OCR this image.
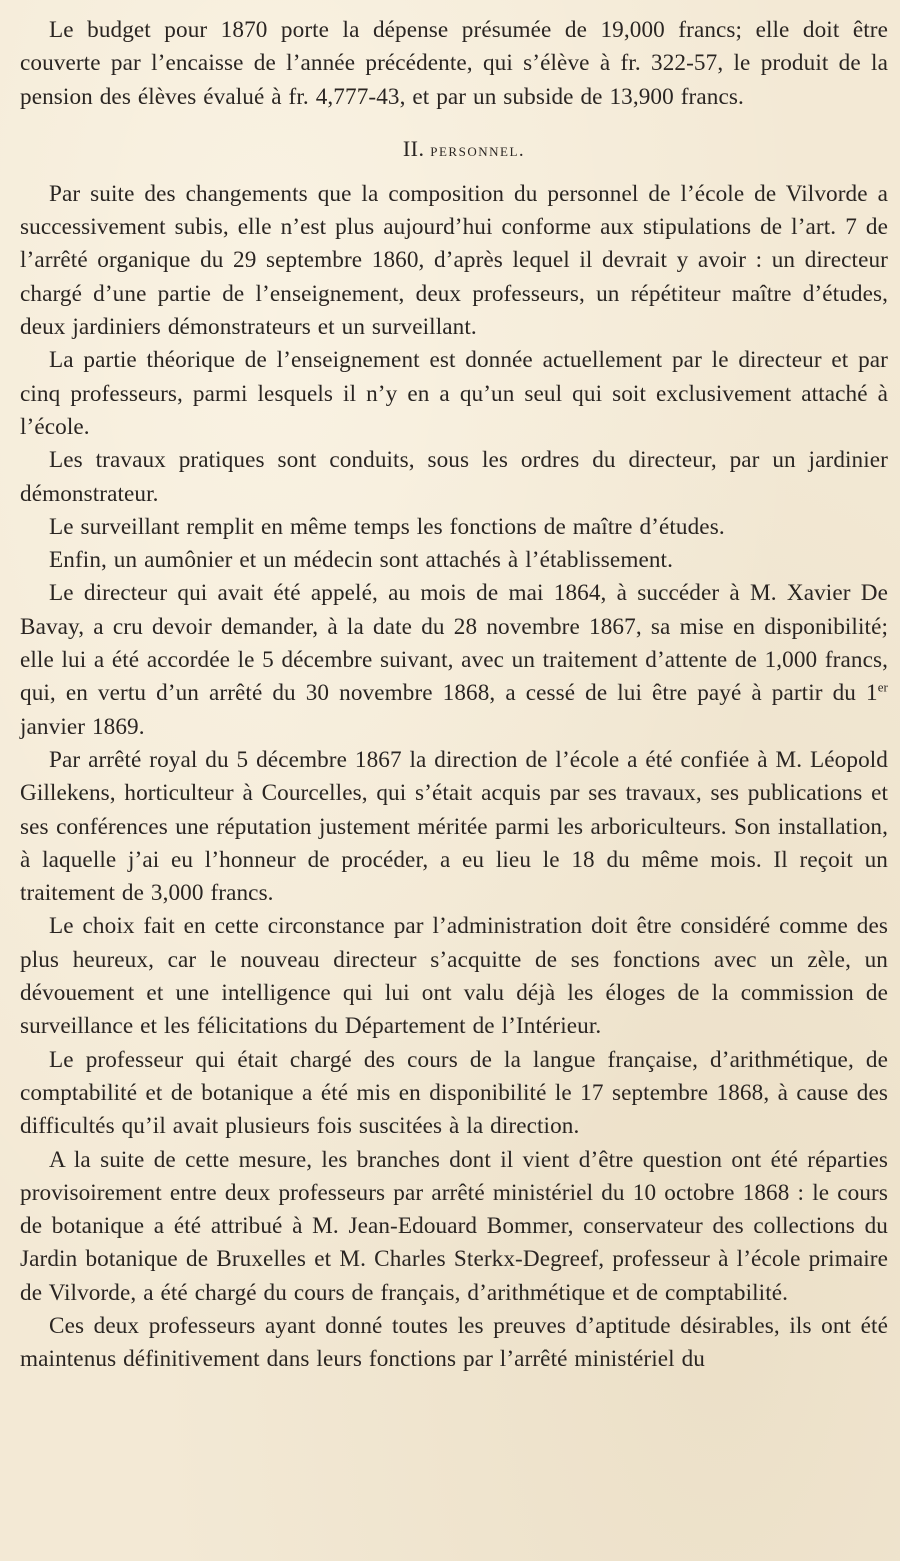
Le budget pour 1870 porte la dépense présumée de 19,000 francs; elle doit être couverte par l’encaisse de l’année précédente, qui s’élève à fr. 322-57, le produit de la pension des élèves évalué à fr. 4,777-43, et par un subside de 13,900 francs.

II. personnel.

Par suite des changements que la composition du personnel de l’école de Vilvorde a successivement subis, elle n’est plus aujourd’hui conforme aux stipulations de l’art. 7 de l’arrêté organique du 29 septembre 1860, d’après lequel il devrait y avoir : un directeur chargé d’une partie de l’enseignement, deux professeurs, un répétiteur maître d’études, deux jardiniers démonstrateurs et un surveillant.

La partie théorique de l’enseignement est donnée actuellement par le directeur et par cinq professeurs, parmi lesquels il n’y en a qu’un seul qui soit exclusivement attaché à l’école.

Les travaux pratiques sont conduits, sous les ordres du directeur, par un jardinier démonstrateur.

Le surveillant remplit en même temps les fonctions de maître d’études.

Enfin, un aumônier et un médecin sont attachés à l’établissement.

Le directeur qui avait été appelé, au mois de mai 1864, à succéder à M. Xavier De Bavay, a cru devoir demander, à la date du 28 novembre 1867, sa mise en disponibilité; elle lui a été accordée le 5 décembre suivant, avec un traitement d’attente de 1,000 francs, qui, en vertu d’un arrêté du 30 novembre 1868, a cessé de lui être payé à partir du 1er janvier 1869.

Par arrêté royal du 5 décembre 1867 la direction de l’école a été confiée à M. Léopold Gillekens, horticulteur à Courcelles, qui s’était acquis par ses travaux, ses publications et ses conférences une réputation justement méritée parmi les arboriculteurs. Son installation, à laquelle j’ai eu l’honneur de procéder, a eu lieu le 18 du même mois. Il reçoit un traitement de 3,000 francs.

Le choix fait en cette circonstance par l’administration doit être considéré comme des plus heureux, car le nouveau directeur s’acquitte de ses fonctions avec un zèle, un dévouement et une intelligence qui lui ont valu déjà les éloges de la commission de surveillance et les félicitations du Département de l’Intérieur.

Le professeur qui était chargé des cours de la langue française, d’arithmétique, de comptabilité et de botanique a été mis en disponibilité le 17 septembre 1868, à cause des difficultés qu’il avait plusieurs fois suscitées à la direction.

A la suite de cette mesure, les branches dont il vient d’être question ont été réparties provisoirement entre deux professeurs par arrêté ministériel du 10 octobre 1868 : le cours de botanique a été attribué à M. Jean-Edouard Bommer, conservateur des collections du Jardin botanique de Bruxelles et M. Charles Sterkx-Degreef, professeur à l’école primaire de Vilvorde, a été chargé du cours de français, d’arithmétique et de comptabilité.

Ces deux professeurs ayant donné toutes les preuves d’aptitude désirables, ils ont été maintenus définitivement dans leurs fonctions par l’arrêté ministériel du
